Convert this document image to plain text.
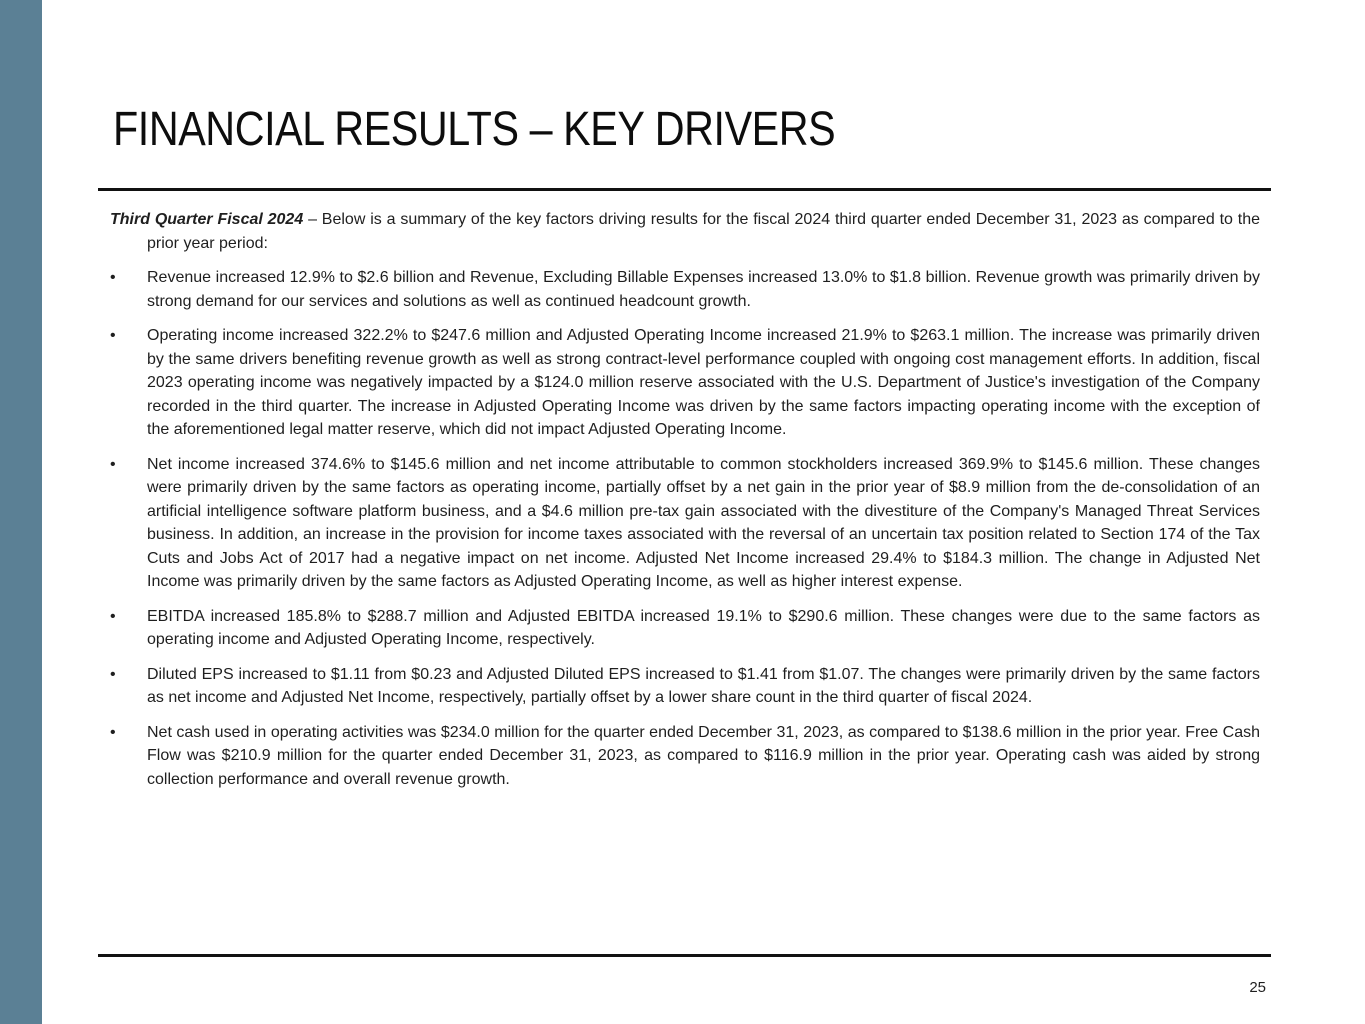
FINANCIAL RESULTS – KEY DRIVERS

Third Quarter Fiscal 2024 – Below is a summary of the key factors driving results for the fiscal 2024 third quarter ended December 31, 2023 as compared to the prior year period:

•	Revenue increased 12.9% to $2.6 billion and Revenue, Excluding Billable Expenses increased 13.0% to $1.8 billion. Revenue growth was primarily driven by strong demand for our services and solutions as well as continued headcount growth.
•	Operating income increased 322.2% to $247.6 million and Adjusted Operating Income increased 21.9% to $263.1 million. The increase was primarily driven by the same drivers benefiting revenue growth as well as strong contract-level performance coupled with ongoing cost management efforts. In addition, fiscal 2023 operating income was negatively impacted by a $124.0 million reserve associated with the U.S. Department of Justice's investigation of the Company recorded in the third quarter. The increase in Adjusted Operating Income was driven by the same factors impacting operating income with the exception of the aforementioned legal matter reserve, which did not impact Adjusted Operating Income.
•	Net income increased 374.6% to $145.6 million and net income attributable to common stockholders increased 369.9% to $145.6 million. These changes were primarily driven by the same factors as operating income, partially offset by a net gain in the prior year of $8.9 million from the de-consolidation of an artificial intelligence software platform business, and a $4.6 million pre-tax gain associated with the divestiture of the Company's Managed Threat Services business. In addition, an increase in the provision for income taxes associated with the reversal of an uncertain tax position related to Section 174 of the Tax Cuts and Jobs Act of 2017 had a negative impact on net income. Adjusted Net Income increased 29.4% to $184.3 million. The change in Adjusted Net Income was primarily driven by the same factors as Adjusted Operating Income, as well as higher interest expense.
•	EBITDA increased 185.8% to $288.7 million and Adjusted EBITDA increased 19.1% to $290.6 million. These changes were due to the same factors as operating income and Adjusted Operating Income, respectively.
•	Diluted EPS increased to $1.11 from $0.23 and Adjusted Diluted EPS increased to $1.41 from $1.07. The changes were primarily driven by the same factors as net income and Adjusted Net Income, respectively, partially offset by a lower share count in the third quarter of fiscal 2024.
•	Net cash used in operating activities was $234.0 million for the quarter ended December 31, 2023, as compared to $138.6 million in the prior year. Free Cash Flow was $210.9 million for the quarter ended December 31, 2023, as compared to $116.9 million in the prior year. Operating cash was aided by strong collection performance and overall revenue growth.
25
